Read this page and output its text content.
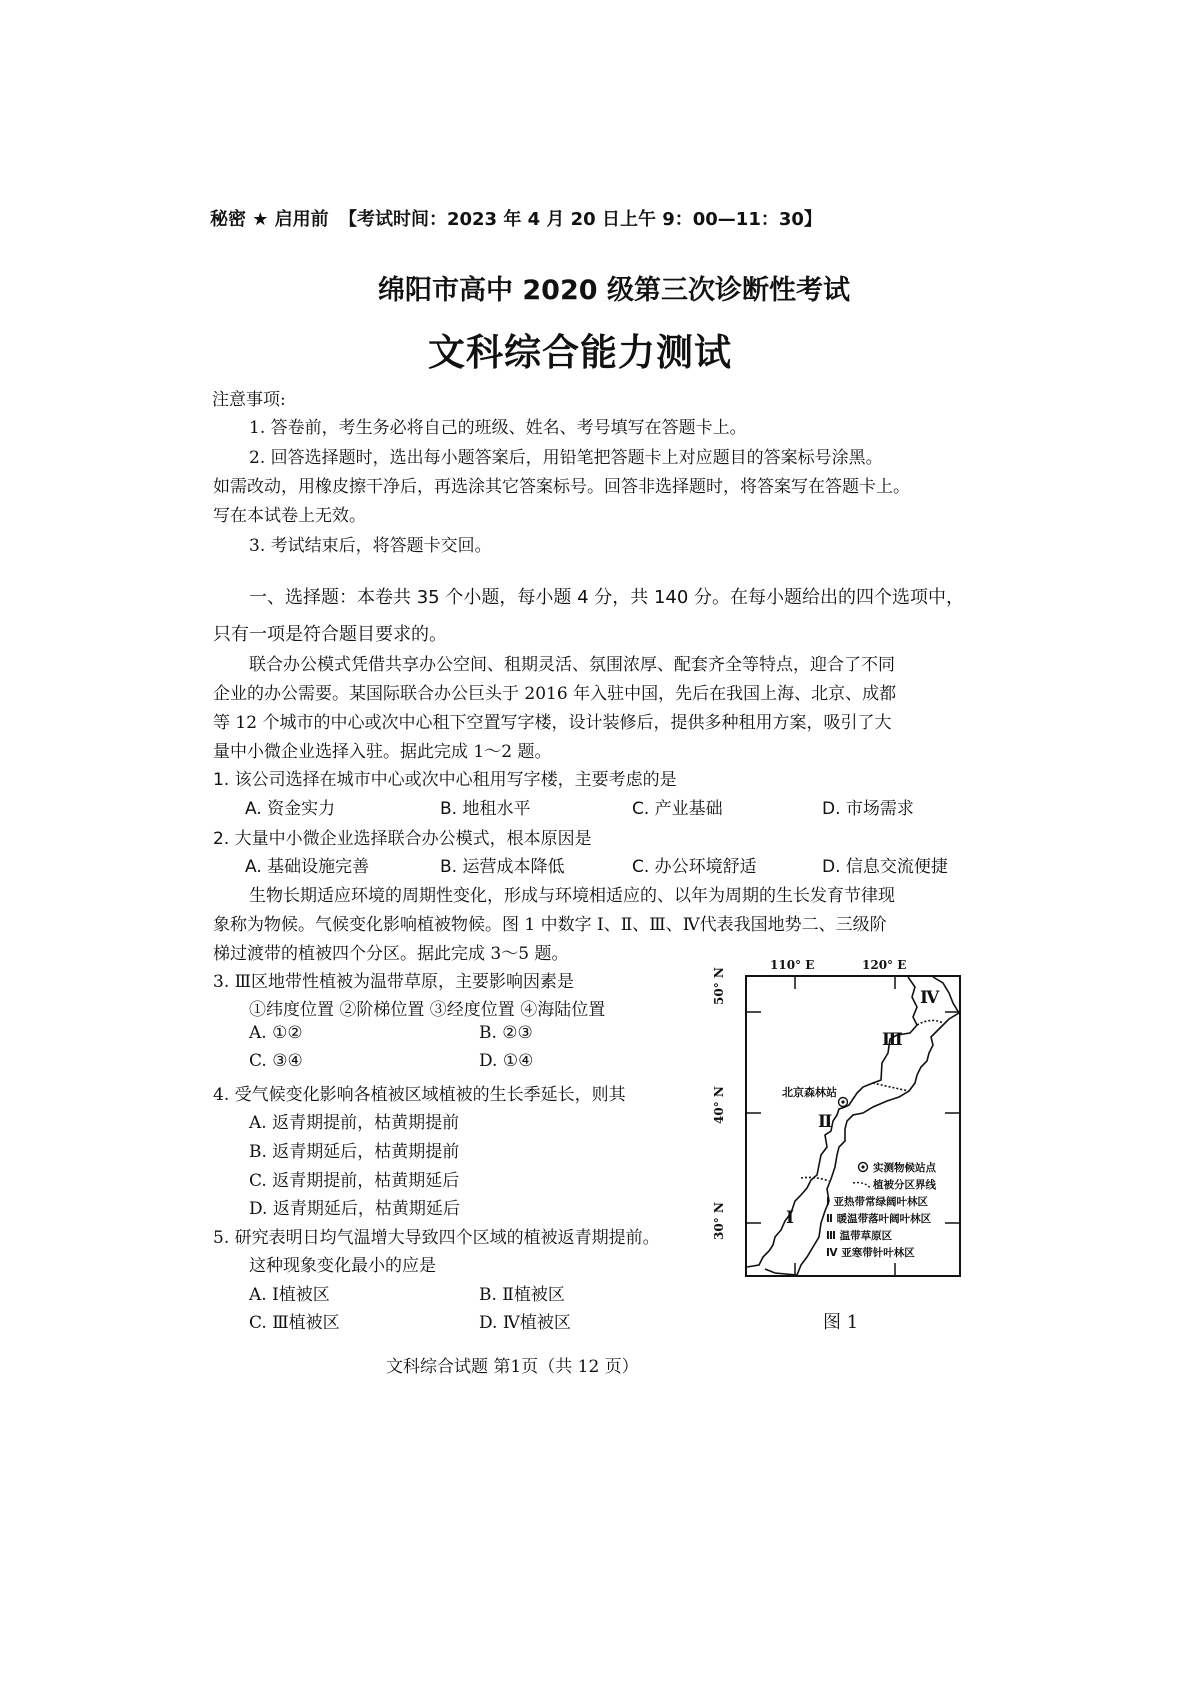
秘密 ★ 启用前 【考试时间：2023 年 4 月 20 日上午 9：00—11：30】
绵阳市高中 2020 级第三次诊断性考试
文科综合能力测试
注意事项:
1. 答卷前，考生务必将自己的班级、姓名、考号填写在答题卡上。
2. 回答选择题时，选出每小题答案后，用铅笔把答题卡上对应题目的答案标号涂黑。
如需改动，用橡皮擦干净后，再选涂其它答案标号。回答非选择题时，将答案写在答题卡上。
写在本试卷上无效。
3. 考试结束后，将答题卡交回。
一、选择题：本卷共 35 个小题，每小题 4 分，共 140 分。在每小题给出的四个选项中，
只有一项是符合题目要求的。
联合办公模式凭借共享办公空间、租期灵活、氛围浓厚、配套齐全等特点，迎合了不同
企业的办公需要。某国际联合办公巨头于 2016 年入驻中国，先后在我国上海、北京、成都
等 12 个城市的中心或次中心租下空置写字楼，设计装修后，提供多种租用方案，吸引了大
量中小微企业选择入驻。据此完成 1～2 题。
1. 该公司选择在城市中心或次中心租用写字楼，主要考虑的是
A. 资金实力	B. 地租水平	C. 产业基础	D. 市场需求
2. 大量中小微企业选择联合办公模式，根本原因是
A. 基础设施完善	B. 运营成本降低	C. 办公环境舒适	D. 信息交流便捷
生物长期适应环境的周期性变化，形成与环境相适应的、以年为周期的生长发育节律现
象称为物候。气候变化影响植被物候。图 1 中数字 Ⅰ、Ⅱ、Ⅲ、Ⅳ代表我国地势二、三级阶
梯过渡带的植被四个分区。据此完成 3～5 题。
3. Ⅲ区地带性植被为温带草原，主要影响因素是
①纬度位置 ②阶梯位置 ③经度位置 ④海陆位置
A. ①②	B. ②③
C. ③④	D. ①④
4. 受气候变化影响各植被区域植被的生长季延长，则其
A. 返青期提前，枯黄期提前
B. 返青期延后，枯黄期提前
C. 返青期提前，枯黄期延后
D. 返青期延后，枯黄期延后
5. 研究表明日均气温增大导致四个区域的植被返青期提前。
这种现象变化最小的应是
A. Ⅰ植被区	B. Ⅱ植被区
C. Ⅲ植被区	D. Ⅳ植被区
110° E	120° E
50° N
40° N
30° N
北京森林站
Ⅰ
Ⅱ
Ⅲ
Ⅳ
实测物候站点
植被分区界线
Ⅰ 亚热带常绿阔叶林区
Ⅱ 暖温带落叶阔叶林区
Ⅲ 温带草原区
Ⅳ 亚寒带针叶林区
图 1
文科综合试题 第1页（共 12 页）
